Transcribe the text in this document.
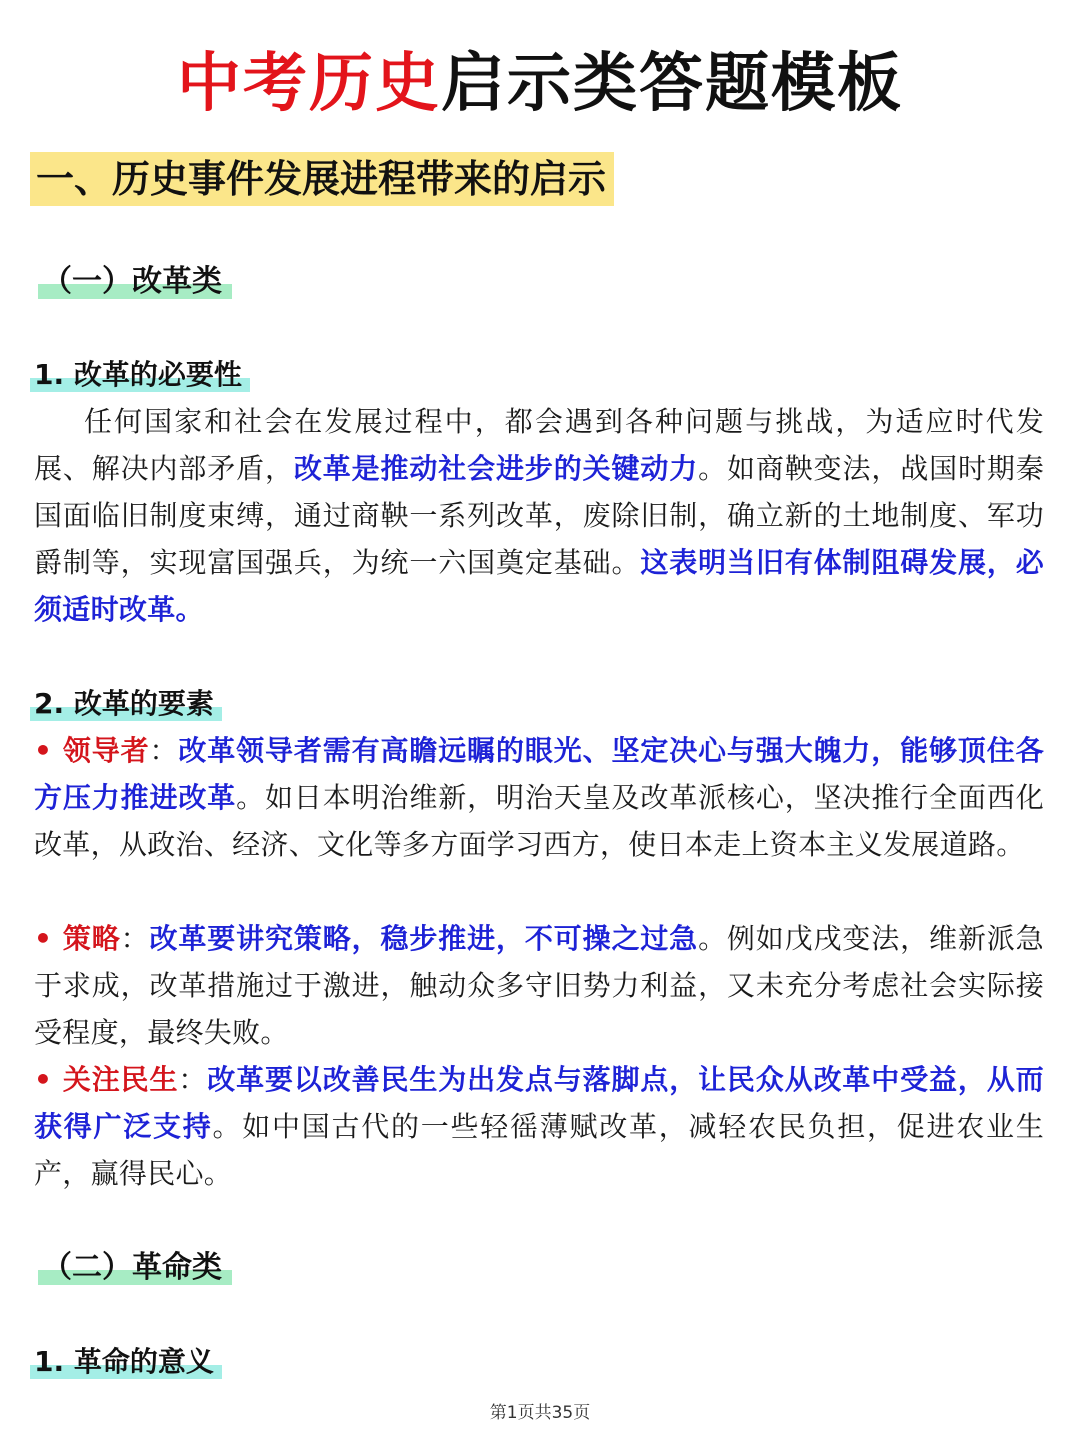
中考历史启示类答题模板
一、历史事件发展进程带来的启示
（一）改革类
1. 改革的必要性
任何国家和社会在发展过程中，都会遇到各种问题与挑战，为适应时代发展、解决内部矛盾，改革是推动社会进步的关键动力。如商鞅变法，战国时期秦国面临旧制度束缚，通过商鞅一系列改革，废除旧制，确立新的土地制度、军功爵制等，实现富国强兵，为统一六国奠定基础。这表明当旧有体制阻碍发展，必须适时改革。
2. 改革的要素
• 领导者：改革领导者需有高瞻远瞩的眼光、坚定决心与强大魄力，能够顶住各方压力推进改革。如日本明治维新，明治天皇及改革派核心，坚决推行全面西化改革，从政治、经济、文化等多方面学习西方，使日本走上资本主义发展道路。
• 策略：改革要讲究策略，稳步推进，不可操之过急。例如戊戌变法，维新派急于求成，改革措施过于激进，触动众多守旧势力利益，又未充分考虑社会实际接受程度，最终失败。
• 关注民生：改革要以改善民生为出发点与落脚点，让民众从改革中受益，从而获得广泛支持。如中国古代的一些轻徭薄赋改革，减轻农民负担，促进农业生产，赢得民心。
（二）革命类
1. 革命的意义
第1页共35页
